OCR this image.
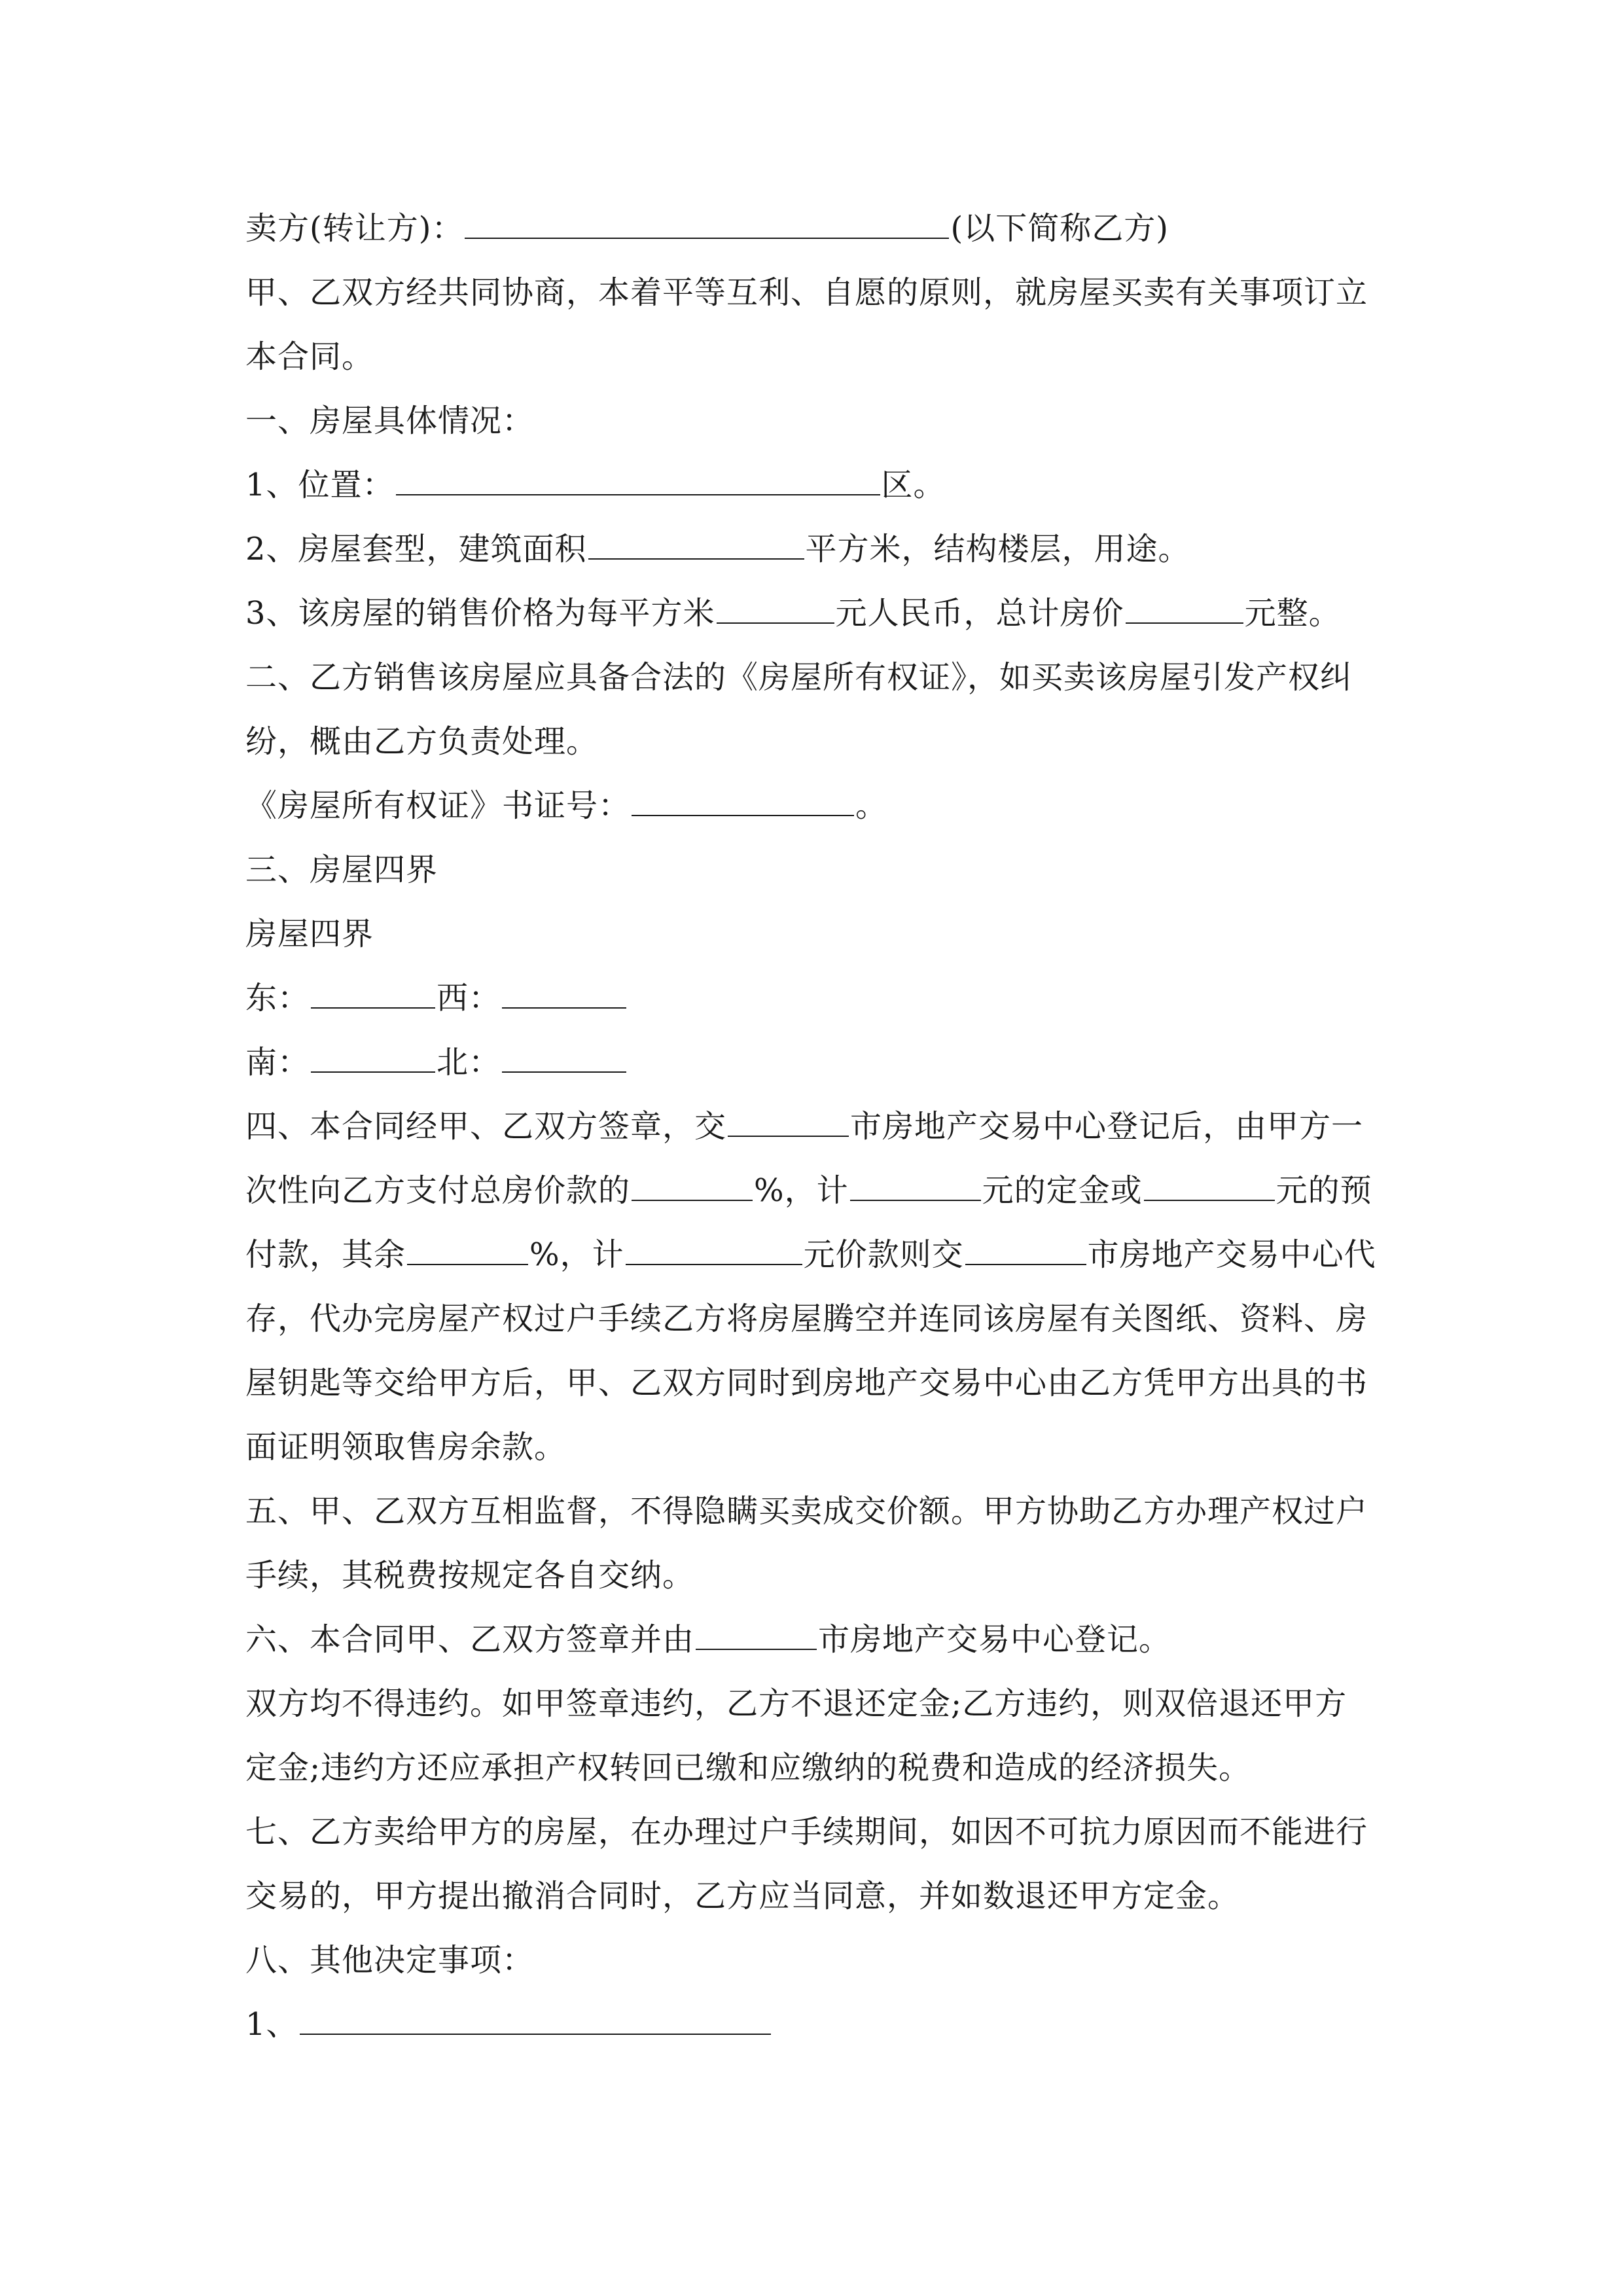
卖方(转让方)：	(以下简称乙方)
甲、乙双方经共同协商，本着平等互利、自愿的原则，就房屋买卖有关事项订立
本合同。
一、房屋具体情况：
1、位置：	区。
2、房屋套型，建筑面积	平方米，结构楼层，用途。
3、该房屋的销售价格为每平方米	元人民币，总计房价	元整。
二、乙方销售该房屋应具备合法的《房屋所有权证》，如买卖该房屋引发产权纠
纷，概由乙方负责处理。
《房屋所有权证》书证号：	。
三、房屋四界
房屋四界
东：	西：
南：	北：
四、本合同经甲、乙双方签章，交	市房地产交易中心登记后，由甲方一
次性向乙方支付总房价款的	%，计	元的定金或	元的预
付款，其余	%，计	元价款则交	市房地产交易中心代
存，代办完房屋产权过户手续乙方将房屋腾空并连同该房屋有关图纸、资料、房
屋钥匙等交给甲方后，甲、乙双方同时到房地产交易中心由乙方凭甲方出具的书
面证明领取售房余款。
五、甲、乙双方互相监督，不得隐瞒买卖成交价额。甲方协助乙方办理产权过户
手续，其税费按规定各自交纳。
六、本合同甲、乙双方签章并由	市房地产交易中心登记。
双方均不得违约。如甲签章违约，乙方不退还定金;乙方违约，则双倍退还甲方
定金;违约方还应承担产权转回已缴和应缴纳的税费和造成的经济损失。
七、乙方卖给甲方的房屋，在办理过户手续期间，如因不可抗力原因而不能进行
交易的，甲方提出撤消合同时，乙方应当同意，并如数退还甲方定金。
八、其他决定事项：
1、
